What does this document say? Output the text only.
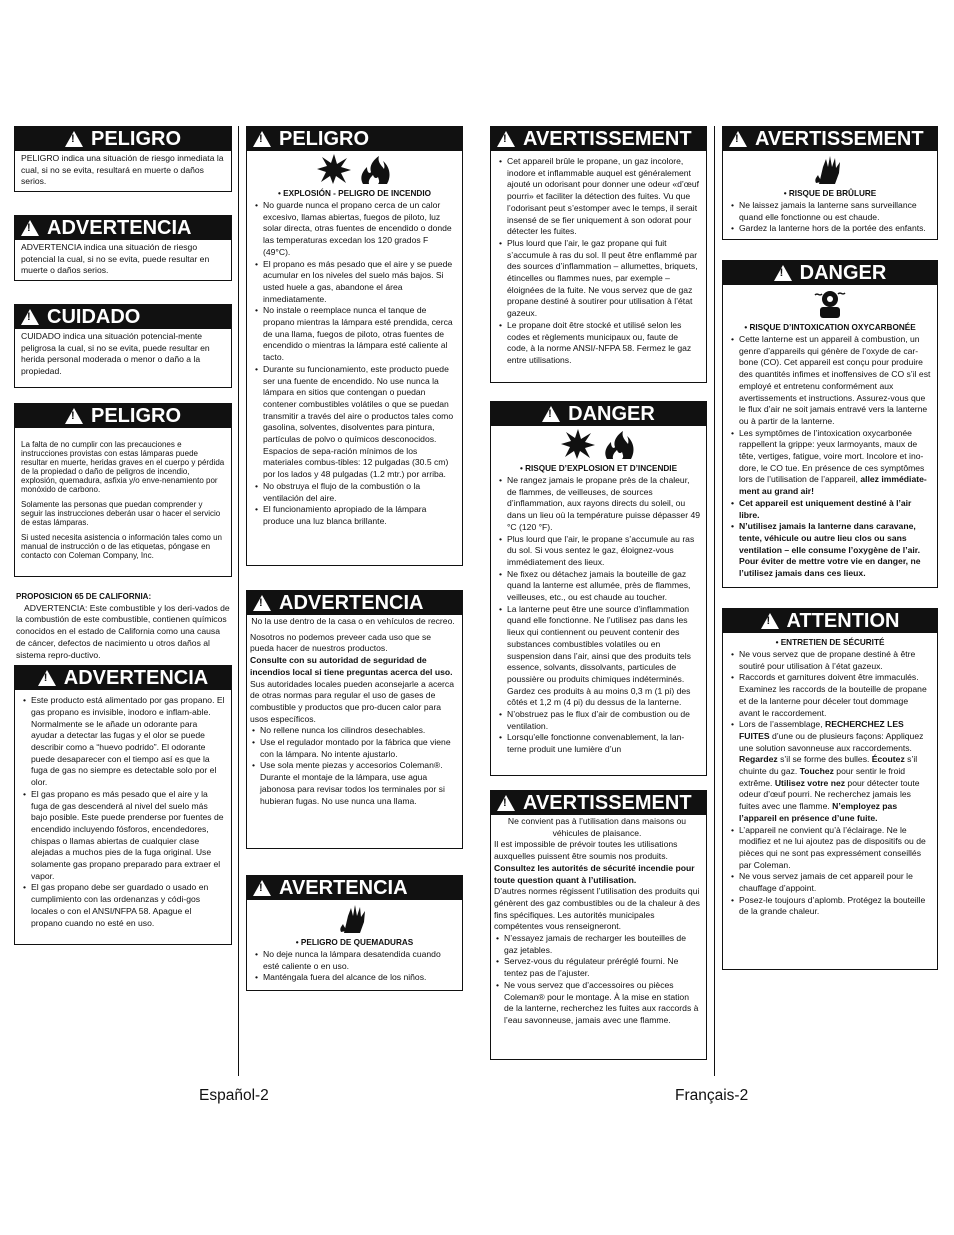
!
PELIGRO
PELIGRO indica una situación de riesgo inmediata la cual, si no se evita, resultará en muerte o daños serios.
!
ADVERTENCIA
ADVERTENCIA indica una situación de riesgo potencial la cual, si no se evita, puede resultar en muerte o daños serios.
!
CUIDADO
CUIDADO indica una situación potencial-mente peligrosa la cual, si no se evita, puede resultar en herida personal moderada o menor o daño a la propiedad.
!
PELIGRO
La falta de no cumplir con las precauciones e instrucciones provistas con estas lámparas puede resultar en muerte, heridas graves en el cuerpo y pérdida de la propiedad o daño de peligros de incendio, explosión, quemadura, asfixia y/o enve-nenamiento por monóxido de carbono.
Solamente las personas que puedan comprender y seguir las instrucciones deberán usar o hacer el servicio de estas lámparas.
Si usted necesita asistencia o información tales como un manual de instrucción o de las etiquetas, póngase en contacto con Coleman Company, Inc.
PROPOSICION 65 DE CALIFORNIA:
ADVERTENCIA: Este combustible y los deri-vados de la combustión de este combustible, contienen químicos conocidos en el estado de California como una causa de cáncer, defectos de nacimiento u otros daños al sistema repro-ductivo.
!
ADVERTENCIA
• Este producto está alimentado por gas propano. El gas propano es invisible, inodoro e inflam-able. Normalmente se le añade un odorante para ayudar a detectar las fugas y el olor se puede describir como a “huevo podrido”. El odorante puede desaparecer con el tiempo así es que la fuga de gas no siempre es detectable solo por el olor.
• El gas propano es más pesado que el aire y la fuga de gas descenderá al nivel del suelo más bajo posible. Este puede prenderse por fuentes de encendido incluyendo fósforos, encendedores, chispas o llamas abiertas de cualquier clase alejadas a muchos pies de la fuga original. Use solamente gas propano preparado para extraer el vapor.
• El gas propano debe ser guardado o usado en cumplimiento con las ordenanzas y códi-gos locales o con el ANSI/NFPA 58. Apague el propano cuando no esté en uso.
!
PELIGRO

• EXPLOSIÓN - PELIGRO DE INCENDIO
• No guarde nunca el propano cerca de un calor excesivo, llamas abiertas, fuegos de piloto, luz solar directa, otras fuentes de encendido o donde las temperaturas excedan los 120 grados F (49°C).
• El propano es más pesado que el aire y se puede acumular en los niveles del suelo más bajos. Si usted huele a gas, abandone el área inmediatamente.
• No instale o reemplace nunca el tanque de propano mientras la lámpara esté prendida, cerca de una llama, fuegos de piloto, otras fuentes de encendido o mientras la lámpara esté caliente al tacto.
• Durante su funcionamiento, este producto puede ser una fuente de encendido. No use nunca la lámpara en sitios que contengan o puedan contener combustibles volátiles o que se puedan transmitir a través del aire o productos tales como gasolina, solventes, disolventes para pintura, partículas de polvo o químicos desconocidos. Espacios de sepa-ración mínimos de los materiales combus-tibles: 12 pulgadas (30.5 cm) por los lados y 48 pulgadas (1.2 mtr.) por arriba.
• No obstruya el flujo de la combustión o la ventilación del aire.
• El funcionamiento apropiado de la lámpara produce una luz blanca brillante.
!
ADVERTENCIA
No la use dentro de la casa o en vehículos de recreo.
Nosotros no podemos preveer cada uso que se pueda hacer de nuestros productos.
Consulte con su autoridad de seguridad de incendios local si tiene preguntas acerca del uso.
Sus autoridades locales pueden aconsejarle a acerca de otras normas para regular el uso de gases de combustible y productos que pro-ducen calor para usos específicos.
• No rellene nunca los cilindros desechables.
• Use el regulador montado por la fábrica que viene con la lámpara. No intente ajustarlo.
• Use sola mente piezas y accesorios Coleman®. Durante el montaje de la lámpara, use agua jabonosa para revisar todos los terminales por si hubieran fugas. No use nunca una llama.
!
AVERTENCIA
• PELIGRO DE QUEMADURAS
• No deje nunca la lámpara desatendida cuando esté caliente o en uso.
• Manténgala fuera del alcance de los niños.
!
AVERTISSEMENT
• Cet appareil brûle le propane, un gaz incolore, inodore et inflammable auquel est généralement ajouté un odorisant pour donner une odeur «d’œuf pourri» et faciliter la détection des fuites. Vu que l’odorisant peut s’estomper avec le temps, il serait insensé de se fier uniquement à son odorat pour détecter les fuites.
• Plus lourd que l’air, le gaz propane qui fuit s’accumule à ras du sol. Il peut être enflammé par des sources d’inflammation – allumettes, briquets, étincelles ou flammes nues, par exemple – éloignées de la fuite. Ne vous servez que de gaz propane destiné à soutirer pour utilisation à l’état gazeux.
• Le propane doit être stocké et utilisé selon les codes et règlements municipaux ou, faute de code, à la norme ANSI/-NFPA 58. Fermez le gaz entre utilisations.
!
DANGER

• RISQUE D’EXPLOSION ET D’INCENDIE
• Ne rangez jamais le propane près de la chaleur, de flammes, de veilleuses, de sources d’inflammation, aux rayons directs du soleil, ou dans un lieu où la température puisse dépasser 49 °C (120 °F).
• Plus lourd que l’air, le propane s’accumule au ras du sol. Si vous sentez le gaz, éloignez-vous immédiatement des lieux.
• Ne fixez ou détachez jamais la bouteille de gaz quand la lanterne est allumée, près de flammes, veilleuses, etc., ou est chaude au toucher.
• La lanterne peut être une source d’inflammation quand elle fonctionne. Ne l’utilisez pas dans les lieux qui contiennent ou peuvent contenir des substances combustibles volatiles ou en suspension dans l’air, ainsi que des produits tels essence, solvants, dissolvants, particules de poussière ou produits chimiques indéterminés. Gardez ces produits à au moins 0,3 m (1 pi) des côtés et 1,2 m (4 pi) du dessus de la lanterne.
• N’obstruez pas le flux d’air de combustion ou de ventilation.
• Lorsqu’elle fonctionne convenablement, la lan-terne produit une lumière d’un
!
AVERTISSEMENT
Ne convient pas à l’utilisation dans maisons ou véhicules de plaisance.
Il est impossible de prévoir toutes les utilisations auxquelles puissent être soumis nos produits.
Consultez les autorités de sécurité incendie pour toute question quant à l’utilisation.
D’autres normes régissent l’utilisation des produits qui génèrent des gaz combustibles ou de la chaleur à des fins spécifiques. Les autorités municipales compétentes vous renseigneront.
• N’essayez jamais de recharger les bouteilles de gaz jetables.
• Servez-vous du régulateur préréglé fourni. Ne tentez pas de l’ajuster.
• Ne vous servez que d’accessoires ou pièces Coleman® pour le montage. À la mise en station de la lanterne, recherchez les fuites aux raccords à l’eau savonneuse, jamais avec une flamme.
!
AVERTISSEMENT
• RISQUE DE BRÛLURE
• Ne laissez jamais la lanterne sans surveillance quand elle fonctionne ou est chaude.
• Gardez la lanterne hors de la portée des enfants.
!
DANGER
• RISQUE D’INTOXICATION OXYCARBONÉE
• Cette lanterne est un appareil à combustion, un genre d’appareils qui génère de l’oxyde de car-bone (CO). Cet appareil est conçu pour produire des quantités infimes et inoffensives de CO s’il est employé et entretenu conformément aux avertissements et instructions. Assurez-vous que le flux d’air ne soit jamais entravé vers la lanterne ou à partir de la lanterne.
• Les symptômes de l’intoxication oxycarbonée rappellent la grippe: yeux larmoyants, maux de tête, vertiges, fatigue, voire mort. Incolore et ino-dore, le CO tue. En présence de ces symptômes lors de l’utilisation de l’appareil, allez immédiate-ment au grand air!
• Cet appareil est uniquement destiné à l’air libre.
• N’utilisez jamais la lanterne dans caravane, tente, véhicule ou autre lieu clos ou sans ventilation – elle consume l’oxygène de l’air. Pour éviter de mettre votre vie en danger, ne l’utilisez jamais dans ces lieux.
!
ATTENTION
• ENTRETIEN DE SÉCURITÉ
• Ne vous servez que de propane destiné à être soutiré pour utilisation à l’état gazeux.
• Raccords et garnitures doivent être immaculés. Examinez les raccords de la bouteille de propane et de la lanterne pour déceler tout dommage avant le raccordement.
• Lors de l’assemblage, RECHERCHEZ LES FUITES d’une ou de plusieurs façons: Appliquez une solution savonneuse aux raccordements. Regardez s’il se forme des bulles. Écoutez s’il chuinte du gaz. Touchez pour sentir le froid extrême. Utilisez votre nez pour détecter toute odeur d’œuf pourri. Ne recherchez jamais les fuites avec une flamme. N’employez pas l’appareil en présence d’une fuite.
• L’appareil ne convient qu’à l’éclairage. Ne le modifiez et ne lui ajoutez pas de dispositifs ou de pièces qui ne sont pas expressément conseillés par Coleman.
• Ne vous servez jamais de cet appareil pour le chauffage d’appoint.
• Posez-le toujours d’aplomb. Protégez la bouteille de la grande chaleur.
Español-2	Français-2
